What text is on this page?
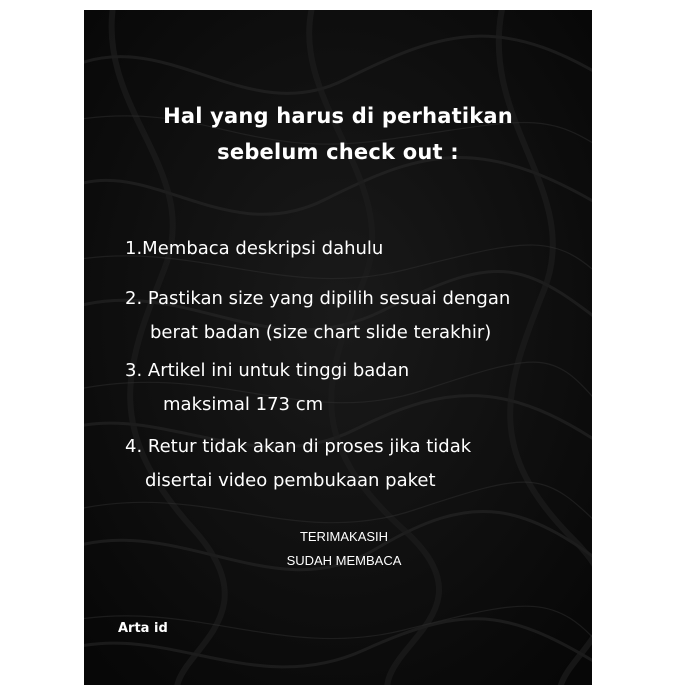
Hal yang harus di perhatikan
sebelum check out :
1.Membaca deskripsi dahulu
2. Pastikan size yang dipilih sesuai dengan
berat badan (size chart slide terakhir)
3. Artikel ini untuk tinggi badan
maksimal 173 cm
4. Retur tidak akan di proses jika tidak
disertai video pembukaan paket
TERIMAKASIH
SUDAH MEMBACA
Arta id
